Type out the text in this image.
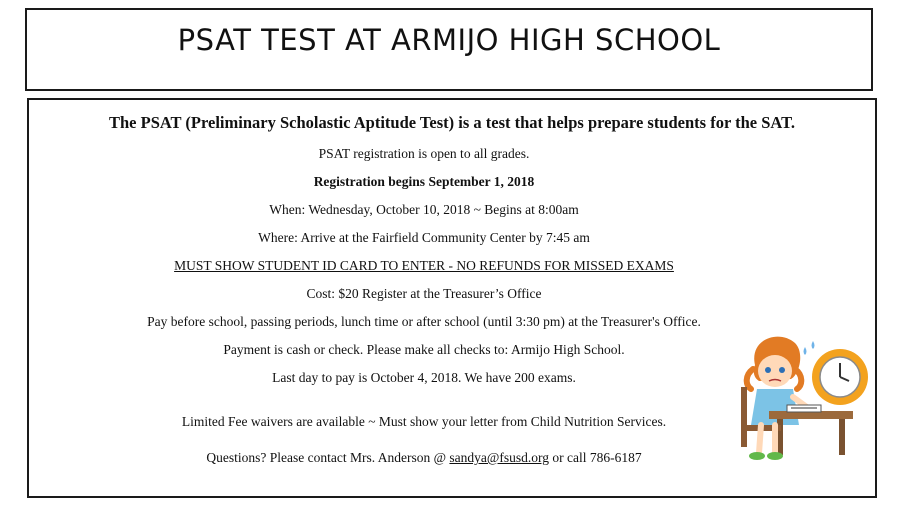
PSAT TEST AT ARMIJO HIGH SCHOOL
The PSAT (Preliminary Scholastic Aptitude Test) is a test that helps prepare students for the SAT.
PSAT registration is open to all grades.
Registration begins September 1, 2018
When: Wednesday, October 10, 2018 ~ Begins at 8:00am
Where: Arrive at the Fairfield Community Center by 7:45 am
MUST SHOW STUDENT ID CARD TO ENTER - NO REFUNDS FOR MISSED EXAMS
Cost: $20 Register at the Treasurer’s Office
Pay before school, passing periods, lunch time or after school (until 3:30 pm) at the Treasurer's Office.
Payment is cash or check. Please make all checks to: Armijo High School.
Last day to pay is October 4, 2018. We have 200 exams.
Limited Fee waivers are available ~ Must show your letter from Child Nutrition Services.
Questions? Please contact Mrs. Anderson @ sandya@fsusd.org or call 786-6187
